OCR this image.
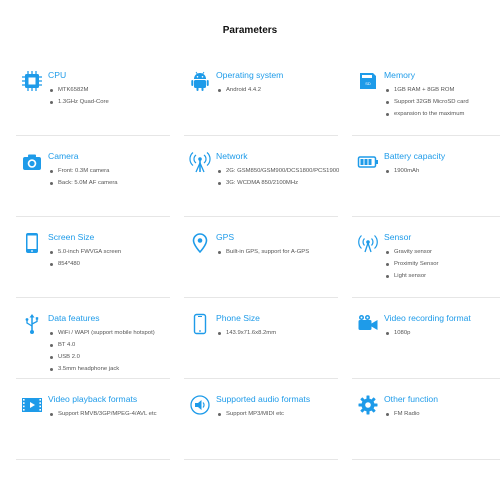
Parameters
CPU
MTK6582M
1.3GHz Quad-Core
Operating system
Android 4.4.2
SD
Memory
1GB RAM + 8GB ROM
Support 32GB MicroSD card
expansion to the maximum
Camera
Front: 0.3M camera
Back: 5.0M AF camera
Network
2G: GSM850/GSM900/DCS1800/PCS1900
3G: WCDMA 850/2100MHz
Battery capacity
1900mAh
Screen Size
5.0-inch FWVGA screen
854*480
GPS
Built-in GPS, support for A-GPS
Sensor
Gravity sensor
Proximity Sensor
Light sensor
Data features
WiFi / WAPI (support mobile hotspot)
BT 4.0
USB 2.0
3.5mm headphone jack
Phone Size
143.9x71.6x8.2mm
Video recording format
1080p
Video playback formats
Support RMVB/3GP/MPEG-4/AVL etc
Supported audio formats
Support MP3/MIDI etc
Other function
FM Radio
